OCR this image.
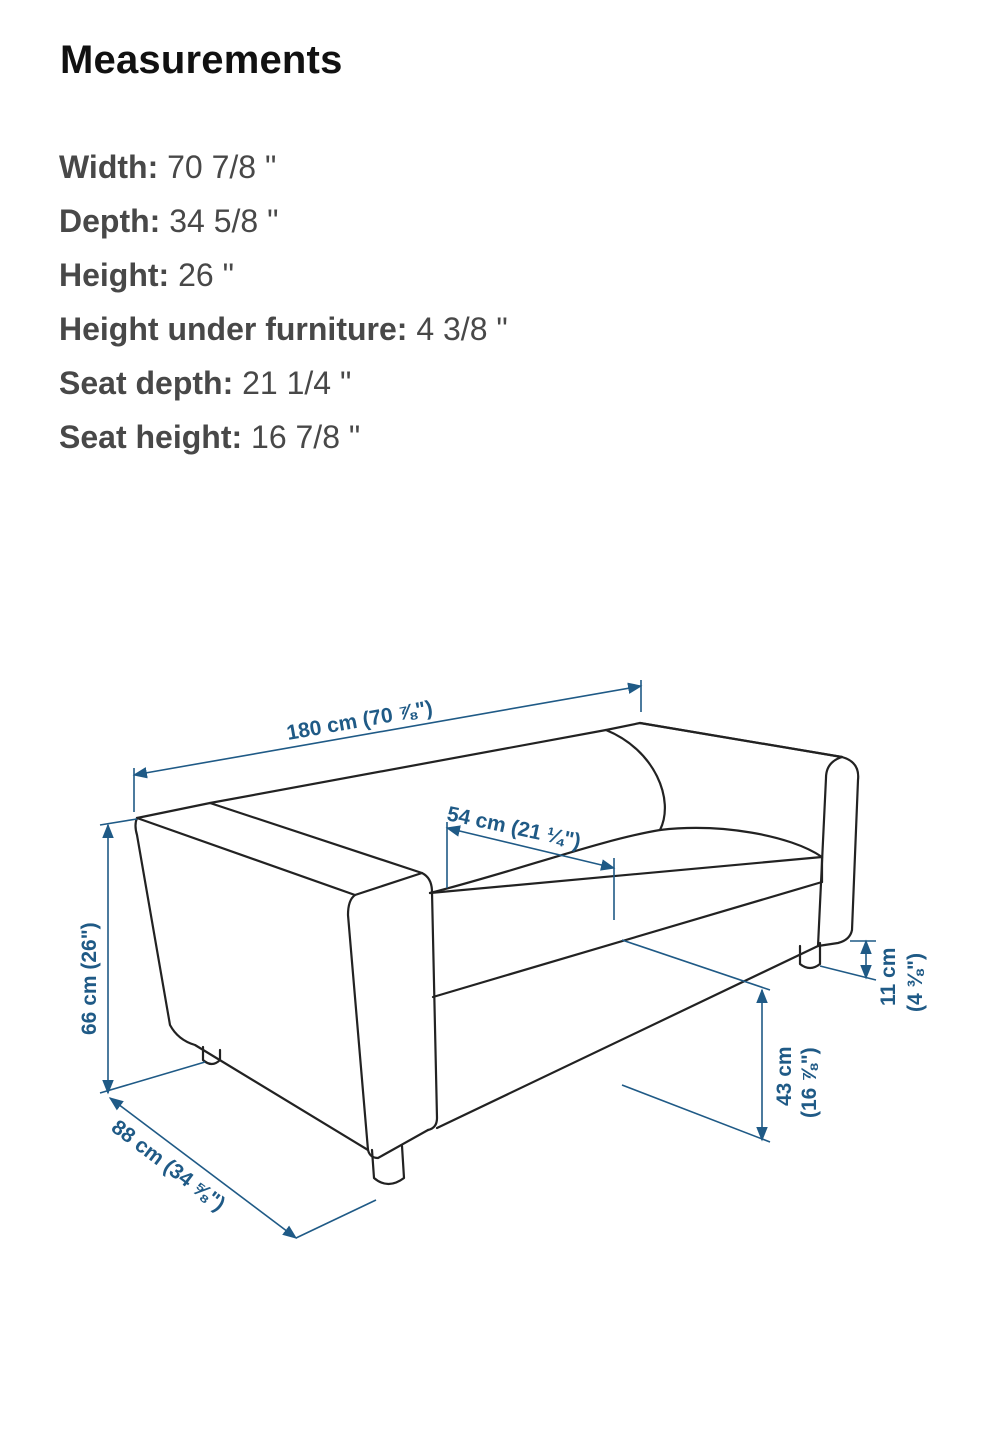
Measurements
Width: 70 7/8 "
Depth: 34 5/8 "
Height: 26 "
Height under furniture: 4 3/8 "
Seat depth: 21 1/4 "
Seat height: 16 7/8 "
180 cm (70 ⅞")
54 cm (21 ¼")
66 cm (26")
88 cm (34 ⅝")
43 cm (16 ⅞")
11 cm (4 ⅜")
